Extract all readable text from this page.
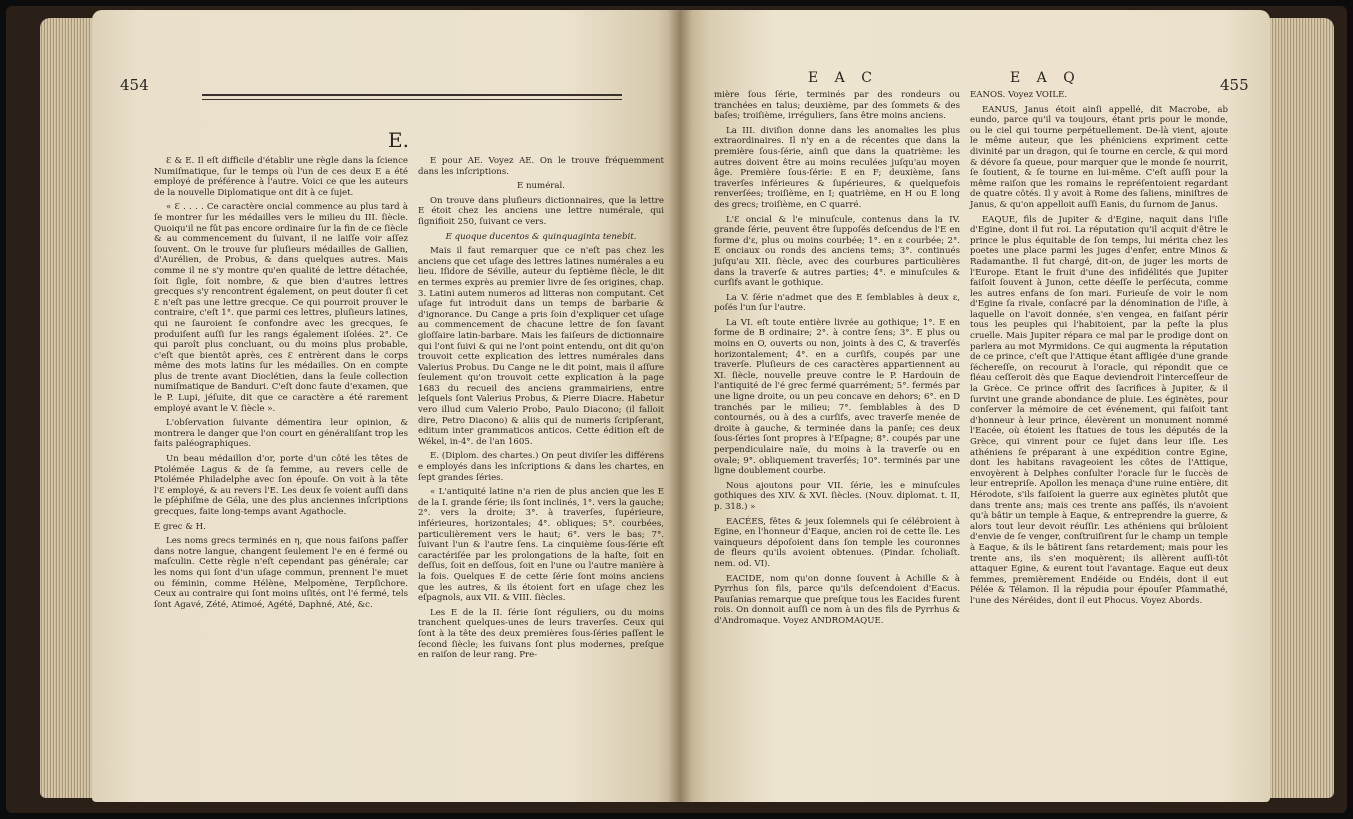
454
E.

Ɛ & E. Il eſt difficile d'établir une règle dans la ſcience Numiſmatique, ſur le temps où l'un de ces deux E a été employé de préférence à l'autre. Voici ce que les auteurs de la nouvelle Diplomatique ont dit à ce ſujet.

« Ɛ . . . . Ce caractère oncial commence au plus tard à ſe montrer ſur les médailles vers le milieu du III. ſiècle. Quoiqu'il ne fût pas encore ordinaire ſur la fin de ce ſiècle & au commencement du ſuivant, il ne laiſſe voir aſſez ſouvent. On le trouve ſur pluſieurs médailles de Gallien, d'Aurélien, de Probus, & dans quelques autres. Mais comme il ne s'y montre qu'en qualité de lettre détachée, ſoit ſigle, ſoit nombre, & que bien d'autres lettres grecques s'y rencontrent également, on peut douter ſi cet Ɛ n'eſt pas une lettre grecque. Ce qui pourroit prouver le contraire, c'eſt 1°. que parmi ces lettres, pluſieurs latines, qui ne ſauroient ſe confondre avec les grecques, ſe produiſent auſſi ſur les rangs également iſolées. 2°. Ce qui paroît plus concluant, ou du moins plus probable, c'eſt que bientôt après, ces Ɛ entrèrent dans le corps même des mots latins ſur les médailles. On en compte plus de trente avant Dioclétien, dans la ſeule collection numiſmatique de Banduri. C'eſt donc faute d'examen, que le P. Lupi, jéſuite, dit que ce caractère a été rarement employé avant le V. ſiècle ».

L'obſervation ſuivante démentira leur opinion, & montrera le danger que l'on court en généraliſant trop les faits paléographiques.

Un beau médaillon d'or, porte d'un côté les têtes de Ptolémée Lagus & de ſa femme, au revers celle de Ptolémée Philadelphe avec ſon épouſe. On voit à la tête l'Ɛ employé, & au revers l'E. Les deux ſe voient auſſi dans le pſéphiſme de Géla, une des plus anciennes inſcriptions grecques, faite long-temps avant Agathocle.

E grec & H.

Les noms grecs terminés en η, que nous faiſons paſſer dans notre langue, changent ſeulement l'e en é fermé ou maſculin. Cette règle n'eſt cependant pas générale; car les noms qui ſont d'un uſage commun, prennent l'e muet ou féminin, comme Hélène, Melpomène, Terpſichore. Ceux au contraire qui ſont moins uſités, ont l'é fermé, tels ſont Agavé, Zété, Atimoé, Agété, Daphné, Até, &c.

E pour AE. Voyez AE. On le trouve fréquemment dans les inſcriptions.

E numéral.

On trouve dans pluſieurs dictionnaires, que la lettre E étoit chez les anciens une lettre numérale, qui ſignifioit 250, ſuivant ce vers.

E quoque ducentos & quinquaginta tenebit.

Mais il faut remarquer que ce n'eſt pas chez les anciens que cet uſage des lettres latines numérales a eu lieu. Iſidore de Séville, auteur du ſeptième ſiècle, le dit en termes exprès au premier livre de ſes origines, chap. 3. Latini autem numeros ad litteras non computant. Cet uſage fut introduit dans un temps de barbarie & d'ignorance. Du Cange a pris ſoin d'expliquer cet uſage au commencement de chacune lettre de ſon ſavant gloſſaire latin-barbare. Mais les faiſeurs de dictionnaire qui l'ont ſuivi & qui ne l'ont point entendu, ont dit qu'on trouvoit cette explication des lettres numérales dans Valerius Probus. Du Cange ne le dit point, mais il aſſure ſeulement qu'on trouvoit cette explication à la page 1683 du recueil des anciens grammairiens, entre leſquels ſont Valerius Probus, & Pierre Diacre. Habetur vero illud cum Valerio Probo, Paulo Diacono; (il falloit dire, Petro Diacono) & aliis qui de numeris ſcripſerant, editum inter grammaticos anticos. Cette édition eſt de Wékel, in-4°. de l'an 1605.

E. (Diplom. des chartes.) On peut diviſer les différens e employés dans les inſcriptions & dans les chartes, en ſept grandes ſéries.

« L'antiquité latine n'a rien de plus ancien que les E de la I. grande ſérie; ils ſont inclinés, 1°. vers la gauche; 2°. vers la droite; 3°. à traverſes, ſupérieure, inférieures, horizontales; 4°. obliques; 5°. courbées, particulièrement vers le haut; 6°. vers le bas; 7°. ſuivant l'un & l'autre ſens. La cinquième ſous-ſérie eſt caractériſée par les prolongations de la haſte, ſoit en deſſus, ſoit en deſſous, ſoit en l'une ou l'autre manière à la fois. Quelques E de cette ſérie ſont moins anciens que les autres, & ils étoient fort en uſage chez les eſpagnols, aux VII. & VIII. ſiècles.

Les E de la II. ſérie ſont réguliers, ou du moins tranchent quelques-unes de leurs traverſes. Ceux qui ſont à la tête des deux premières ſous-ſéries paſſent le ſecond ſiècle; les ſuivans ſont plus modernes, preſque en raiſon de leur rang. Pre-

E A C	E A Q	455

mière ſous ſérie, terminés par des rondeurs ou tranchées en talus; deuxième, par des ſommets & des baſes; troiſième, irréguliers, ſans être moins anciens.

La III. diviſion donne dans les anomalies les plus extraordinaires. Il n'y en a de récentes que dans la première ſous-ſérie, ainſi que dans la quatrième: les autres doivent être au moins reculées juſqu'au moyen âge. Première ſous-ſérie: E en F; deuxième, ſans traverſes inférieures & ſupérieures, & quelquefois renverſées; troiſième, en I; quatrième, en H ou E long des grecs; troiſième, en C quarré.

L'Ɛ oncial & l'e minuſcule, contenus dans la IV. grande ſérie, peuvent être ſuppoſés deſcendus de l'E en forme d'ε, plus ou moins courbée; 1°. en ε courbée; 2°. E onciaux ou ronds des anciens tems; 3°. continués juſqu'au XII. ſiècle, avec des courbures particulières dans la traverſe & autres parties; 4°. e minuſcules & curſifs avant le gothique.

La V. ſérie n'admet que des E ſemblables à deux ε, poſés l'un ſur l'autre.

La VI. eſt toute entière livrée au gothique; 1°. E en forme de B ordinaire; 2°. à contre ſens; 3°. E plus ou moins en O, ouverts ou non, joints à des C, & traverſés horizontalement; 4°. en a curſifs, coupés par une traverſe. Pluſieurs de ces caractères appartiennent au XI. ſiècle, nouvelle preuve contre le P. Hardouin de l'antiquité de l'é grec fermé quarrément; 5°. fermés par une ligne droite, ou un peu concave en dehors; 6°. en D tranchés par le milieu; 7°. ſemblables à des D contournés, ou à des a curſifs, avec traverſe menée de droite à gauche, & terminée dans la panſe; ces deux ſous-ſéries ſont propres à l'Eſpagne; 8°. coupés par une perpendiculaire naïe, du moins à la traverſe ou en ovale; 9°. obliquement traverſés; 10°. terminés par une ligne doublement courbe.

Nous ajoutons pour VII. ſérie, les e minuſcules gothiques des XIV. & XVI. ſiècles. (Nouv. diplomat. t. II, p. 318.) »

EACÉES, fêtes & jeux ſolemnels qui ſe célébroient à Egine, en l'honneur d'Eaque, ancien roi de cette île. Les vainqueurs dépoſoient dans ſon temple les couronnes de fleurs qu'ils avoient obtenues. (Pindar. ſcholiaſt. nem. od. VI).

EACIDE, nom qu'on donne ſouvent à Achille & à Pyrrhus ſon fils, parce qu'ils deſcendoient d'Eacus. Pauſanias remarque que preſque tous les Eacides furent rois. On donnoit auſſi ce nom à un des fils de Pyrrhus & d'Andromaque. Voyez ANDROMAQUE.

EANOS. Voyez VOILE.

EANUS, Janus étoit ainſi appellé, dit Macrobe, ab eundo, parce qu'il va toujours, étant pris pour le monde, ou le ciel qui tourne perpétuellement. De-là vient, ajoute le même auteur, que les phéniciens expriment cette divinité par un dragon, qui ſe tourne en cercle, & qui mord & dévore ſa queue, pour marquer que le monde ſe nourrit, ſe ſoutient, & ſe tourne en lui-même. C'eſt auſſi pour la même raiſon que les romains le repréſentoient regardant de quatre côtés. Il y avoit à Rome des ſaliens, miniſtres de Janus, & qu'on appelloit auſſi Eanis, du ſurnom de Janus.

EAQUE, fils de Jupiter & d'Egine, naquit dans l'iſle d'Egine, dont il fut roi. La réputation qu'il acquit d'être le prince le plus équitable de ſon temps, lui mérita chez les poetes une place parmi les juges d'enfer, entre Minos & Radamanthe. Il fut chargé, dit-on, de juger les morts de l'Europe. Etant le fruit d'une des infidélités que Jupiter faiſoit ſouvent à Junon, cette déeſſe le perſécuta, comme les autres enfans de ſon mari. Furieuſe de voir le nom d'Egine ſa rivale, conſacré par la dénomination de l'iſle, à laquelle on l'avoit donnée, s'en vengea, en faiſant périr tous les peuples qui l'habitoient, par la peſte la plus cruelle. Mais Jupiter répara ce mal par le prodige dont on parlera au mot Myrmidons. Ce qui augmenta la réputation de ce prince, c'eſt que l'Attique étant affligée d'une grande ſéchereſſe, on recourut à l'oracle, qui répondit que ce fléau ceſſeroit dès que Eaque deviendroit l'interceſſeur de la Grèce. Ce prince offrit des ſacrifices à Jupiter, & il ſurvint une grande abondance de pluie. Les éginètes, pour conſerver la mémoire de cet événement, qui faiſoit tant d'honneur à leur prince, élevèrent un monument nommé l'Eacée, où étoient les ſtatues de tous les députés de la Grèce, qui vinrent pour ce ſujet dans leur iſle. Les athéniens ſe préparant à une expédition contre Egine, dont les habitans ravageoient les côtes de l'Attique, envoyèrent à Delphes conſulter l'oracle ſur le ſuccès de leur entrepriſe. Apollon les menaça d'une ruine entière, dit Hérodote, s'ils faiſoient la guerre aux eginètes plutôt que dans trente ans; mais ces trente ans paſſés, ils n'avoient qu'à bâtir un temple à Eaque, & entreprendre la guerre, & alors tout leur devoit réuſſir. Les athéniens qui brûloient d'envie de ſe venger, conſtruiſirent ſur le champ un temple à Eaque, & ils le bâtirent ſans retardement; mais pour les trente ans, ils s'en moquèrent; ils allèrent auſſi-tôt attaquer Egine, & eurent tout l'avantage. Eaque eut deux femmes, premièrement Endéide ou Endéis, dont il eut Pélée & Télamon. Il la répudia pour épouſer Pſammathé, l'une des Néréides, dont il eut Phocus. Voyez Abords.
